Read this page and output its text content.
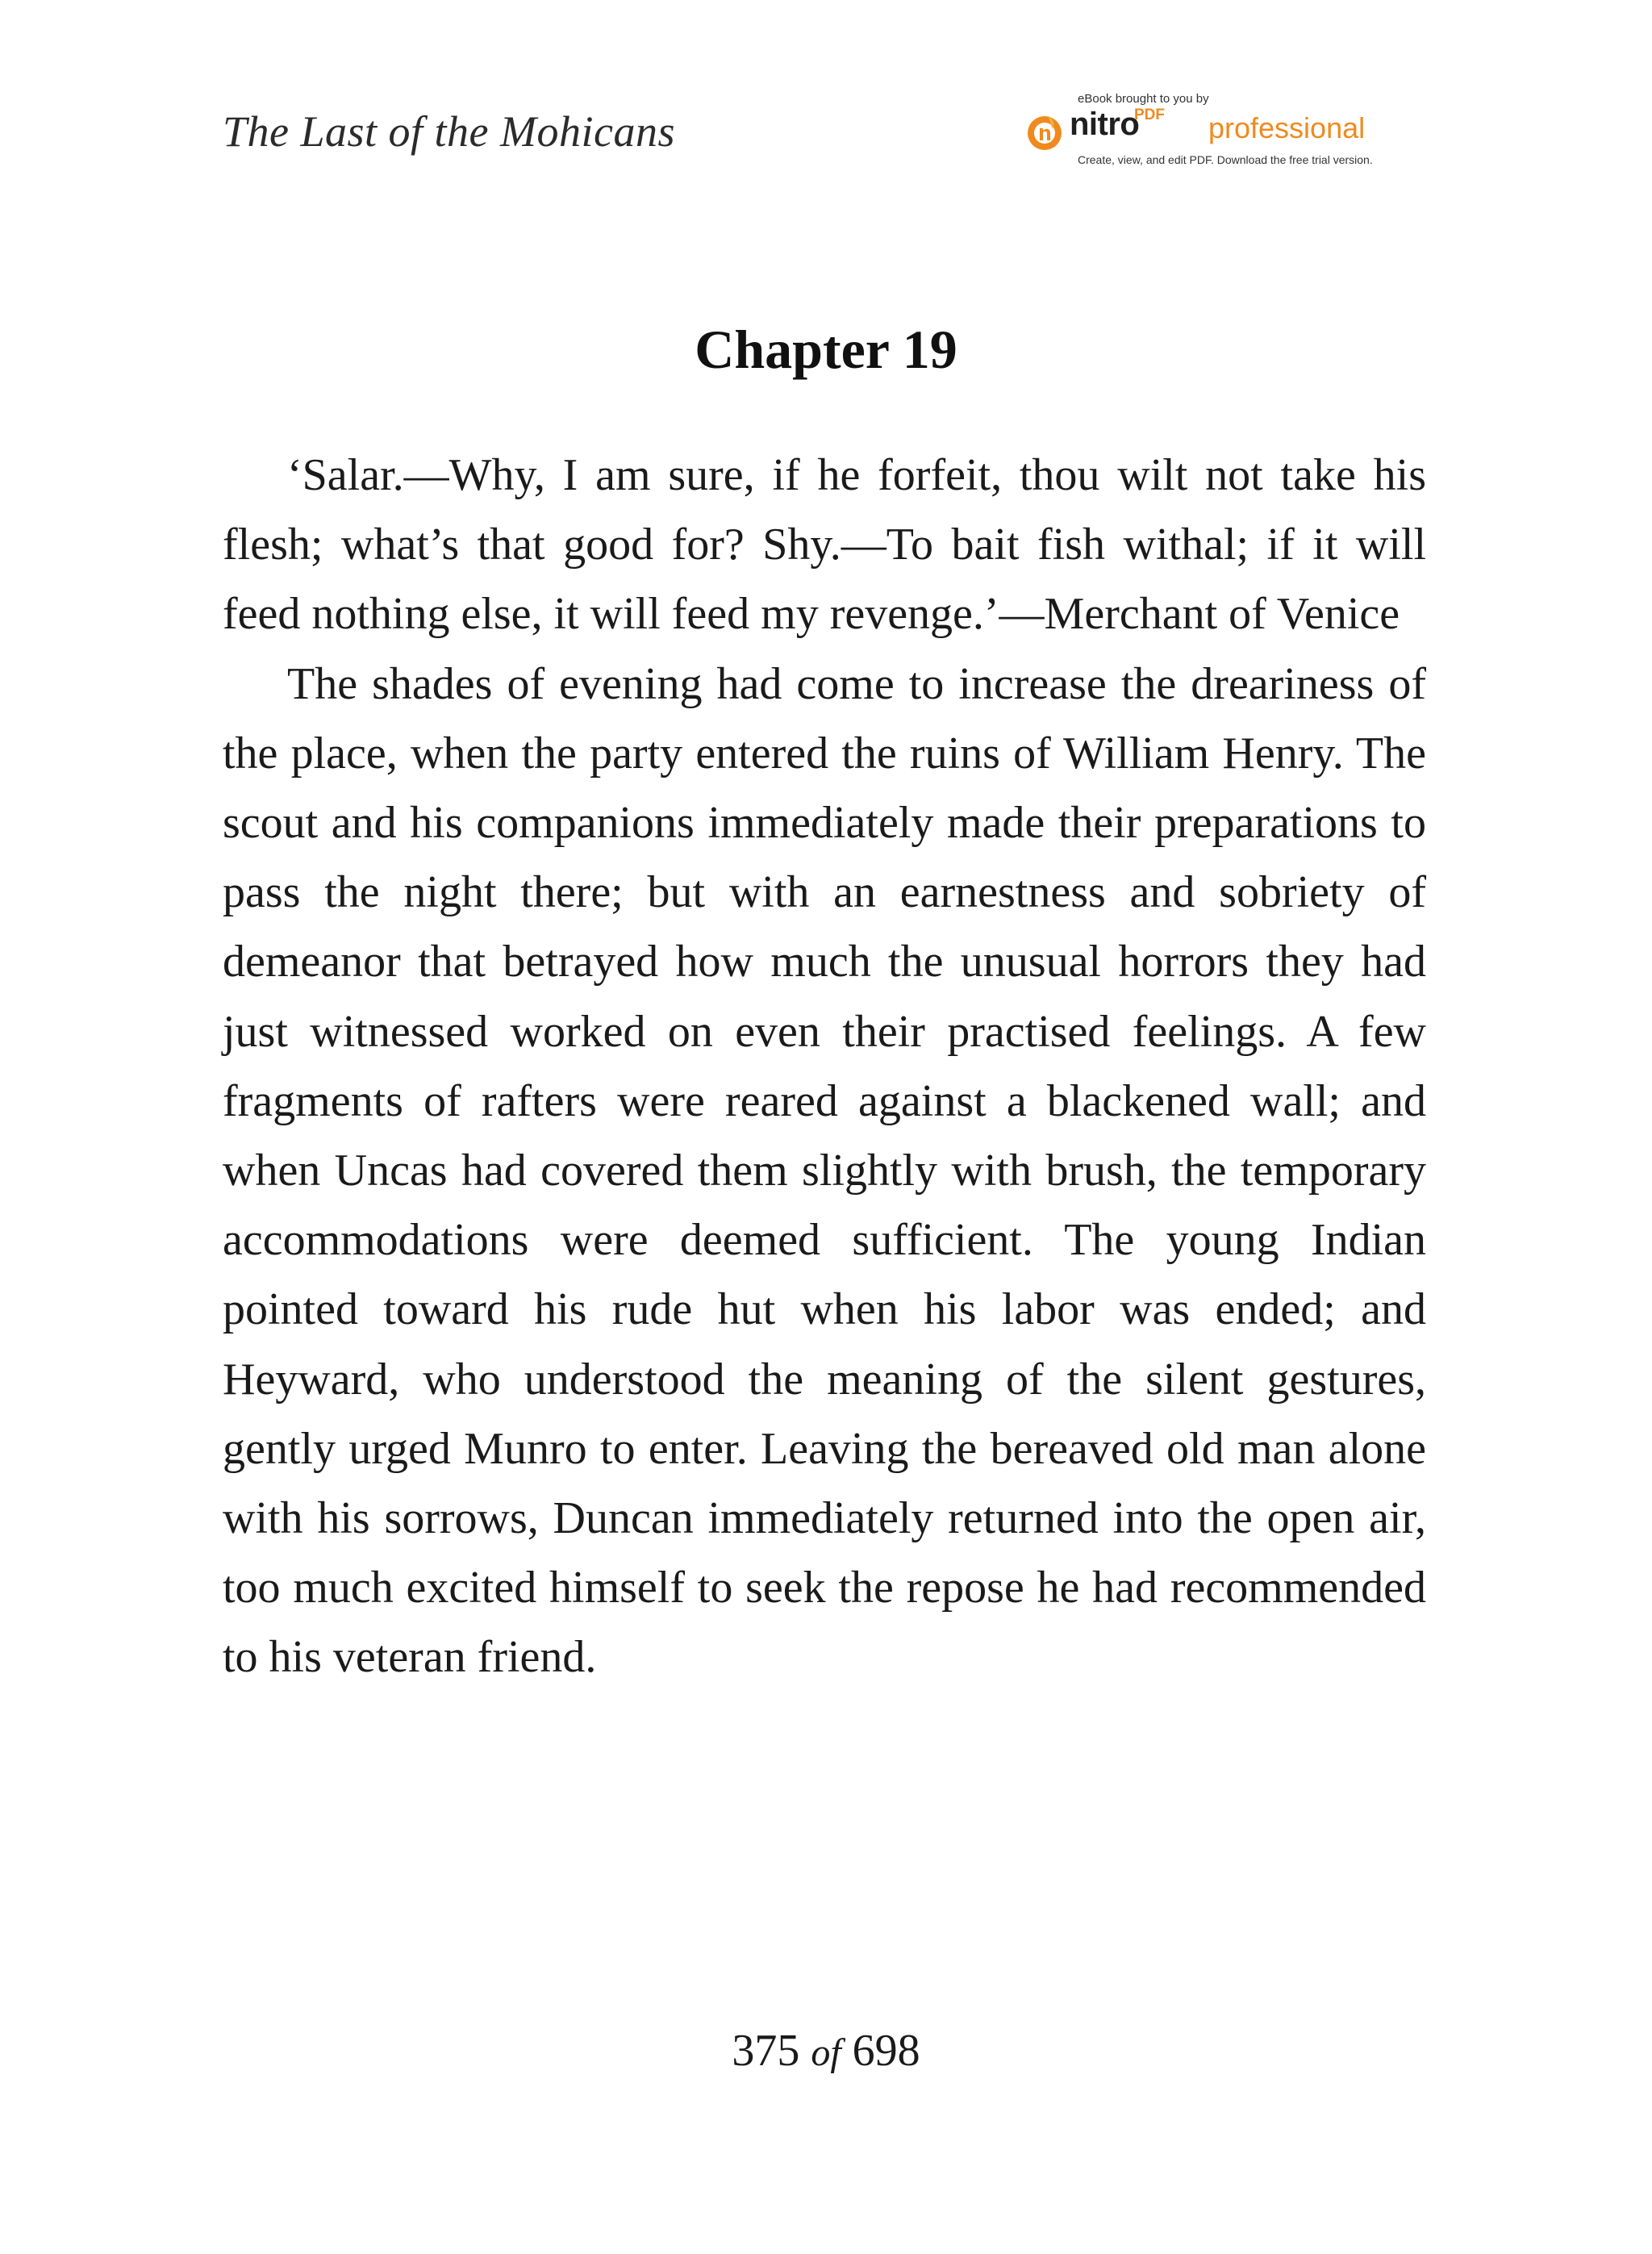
The Last of the Mohicans
eBook brought to you by
nitro
PDF professional
Create, view, and edit PDF. Download the free trial version.
Chapter 19

‘Salar.—Why, I am sure, if he forfeit, thou wilt not take his flesh; what’s that good for? Shy.—To bait fish withal; if it will feed nothing else, it will feed my revenge.’—Merchant of Venice

The shades of evening had come to increase the dreariness of the place, when the party entered the ruins of William Henry. The scout and his companions immediately made their preparations to pass the night there; but with an earnestness and sobriety of demeanor that betrayed how much the unusual horrors they had just witnessed worked on even their practised feelings. A few fragments of rafters were reared against a blackened wall; and when Uncas had covered them slightly with brush, the temporary accommodations were deemed sufficient. The young Indian pointed toward his rude hut when his labor was ended; and Heyward, who understood the meaning of the silent gestures, gently urged Munro to enter. Leaving the bereaved old man alone with his sorrows, Duncan immediately returned into the open air, too much excited himself to seek the repose he had recommended to his veteran friend.

375 of 698
